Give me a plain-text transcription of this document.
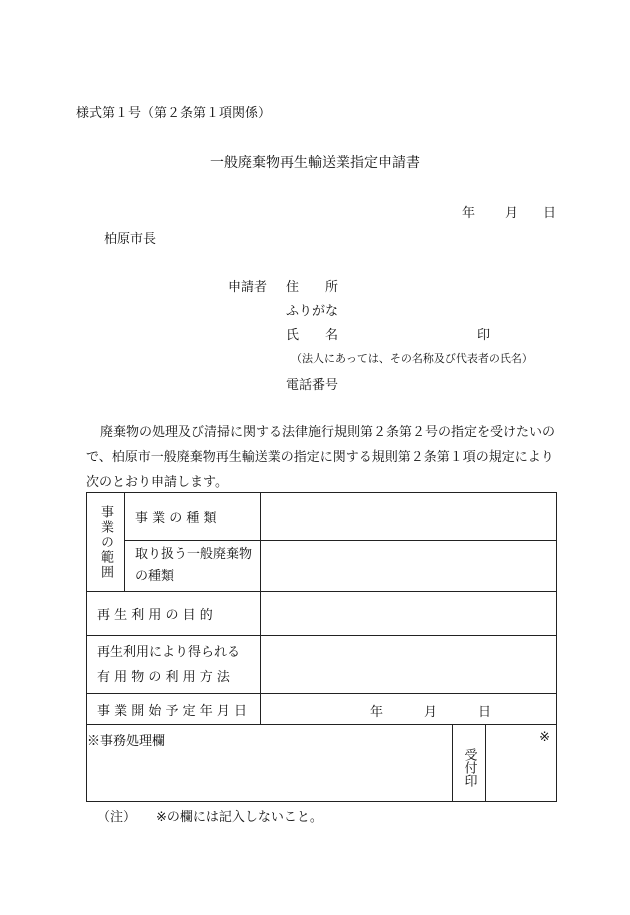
様式第１号（第２条第１項関係）
一般廃棄物再生輸送業指定申請書
年 月 日
柏原市長
申請者 住　　所
ふりがな
氏　　名	印
（法人にあっては、その名称及び代表者の氏名）
電話番号
廃棄物の処理及び清掃に関する法律施行規則第２条第２号の指定を受けたいので、柏原市一般廃棄物再生輸送業の指定に関する規則第２条第１項の規定により次のとおり申請します。
事業の範囲	事 業 の 種 類			

	取り扱う一般廃棄物
の種類			

再 生 利 用 の 目 的				

再生利用により得られる
有 用 物 の 利 用 方 法				

事 業 開 始 予 定 年 月 日		年 月 日		

※事務処理欄			受付印	※
（注） ※の欄には記入しないこと。
